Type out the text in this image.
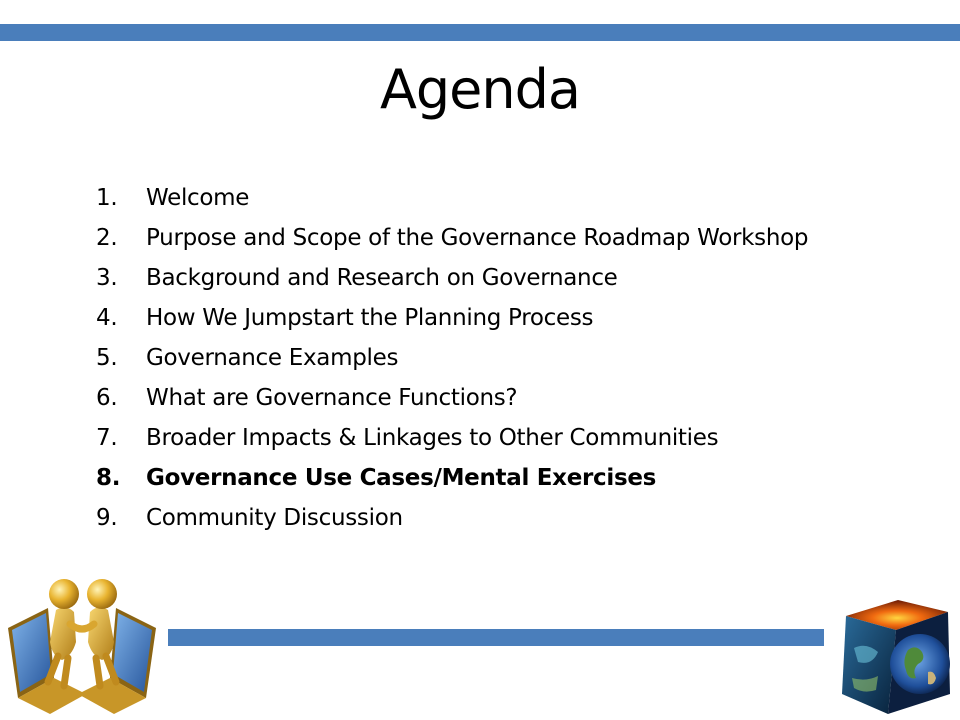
Agenda
1.	Welcome
2.	Purpose and Scope of the Governance Roadmap Workshop
3.	Background and Research on Governance
4.	How We Jumpstart the Planning Process
5.	Governance Examples
6.	What are Governance Functions?
7.	Broader Impacts & Linkages to Other Communities
8.	Governance Use Cases/Mental Exercises
9.	Community Discussion
